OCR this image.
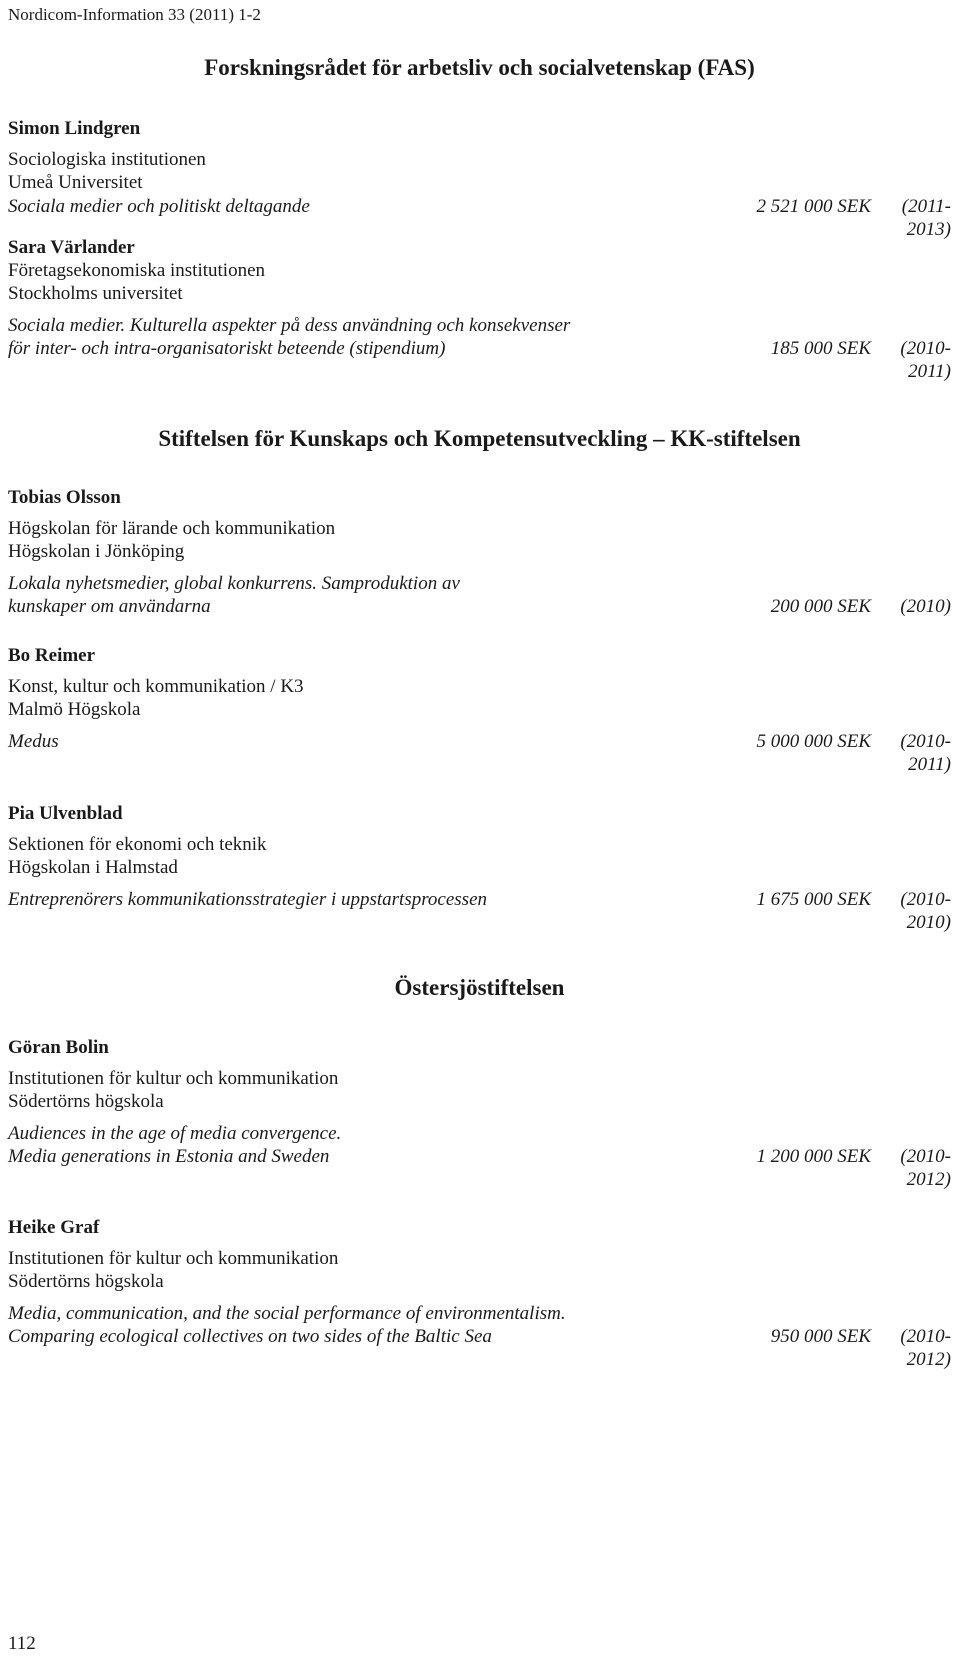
Nordicom-Information 33 (2011) 1-2
Forskningsrådet för arbetsliv och socialvetenskap (FAS)
Simon Lindgren
Sociologiska institutionen
Umeå Universitet
Sociala medier och politiskt deltagande	2 521 000 SEK	(2011-
2013)
Sara Värlander
Företagsekonomiska institutionen
Stockholms universitet
Sociala medier. Kulturella aspekter på dess användning och konsekvenser
för inter- och intra-organisatoriskt beteende (stipendium)	185 000 SEK	(2010-
2011)
Stiftelsen för Kunskaps och Kompetensutveckling – KK-stiftelsen
Tobias Olsson
Högskolan för lärande och kommunikation
Högskolan i Jönköping
Lokala nyhetsmedier, global konkurrens. Samproduktion av
kunskaper om användarna	200 000 SEK	(2010)
Bo Reimer
Konst, kultur och kommunikation / K3
Malmö Högskola
Medus	5 000 000 SEK	(2010-
2011)
Pia Ulvenblad
Sektionen för ekonomi och teknik
Högskolan i Halmstad
Entreprenörers kommunikationsstrategier i uppstartsprocessen	1 675 000 SEK	(2010-
2010)
Östersjöstiftelsen
Göran Bolin
Institutionen för kultur och kommunikation
Södertörns högskola
Audiences in the age of media convergence.
Media generations in Estonia and Sweden	1 200 000 SEK	(2010-
2012)
Heike Graf
Institutionen för kultur och kommunikation
Södertörns högskola
Media, communication, and the social performance of environmentalism.
Comparing ecological collectives on two sides of the Baltic Sea	950 000 SEK	(2010-
2012)
112
